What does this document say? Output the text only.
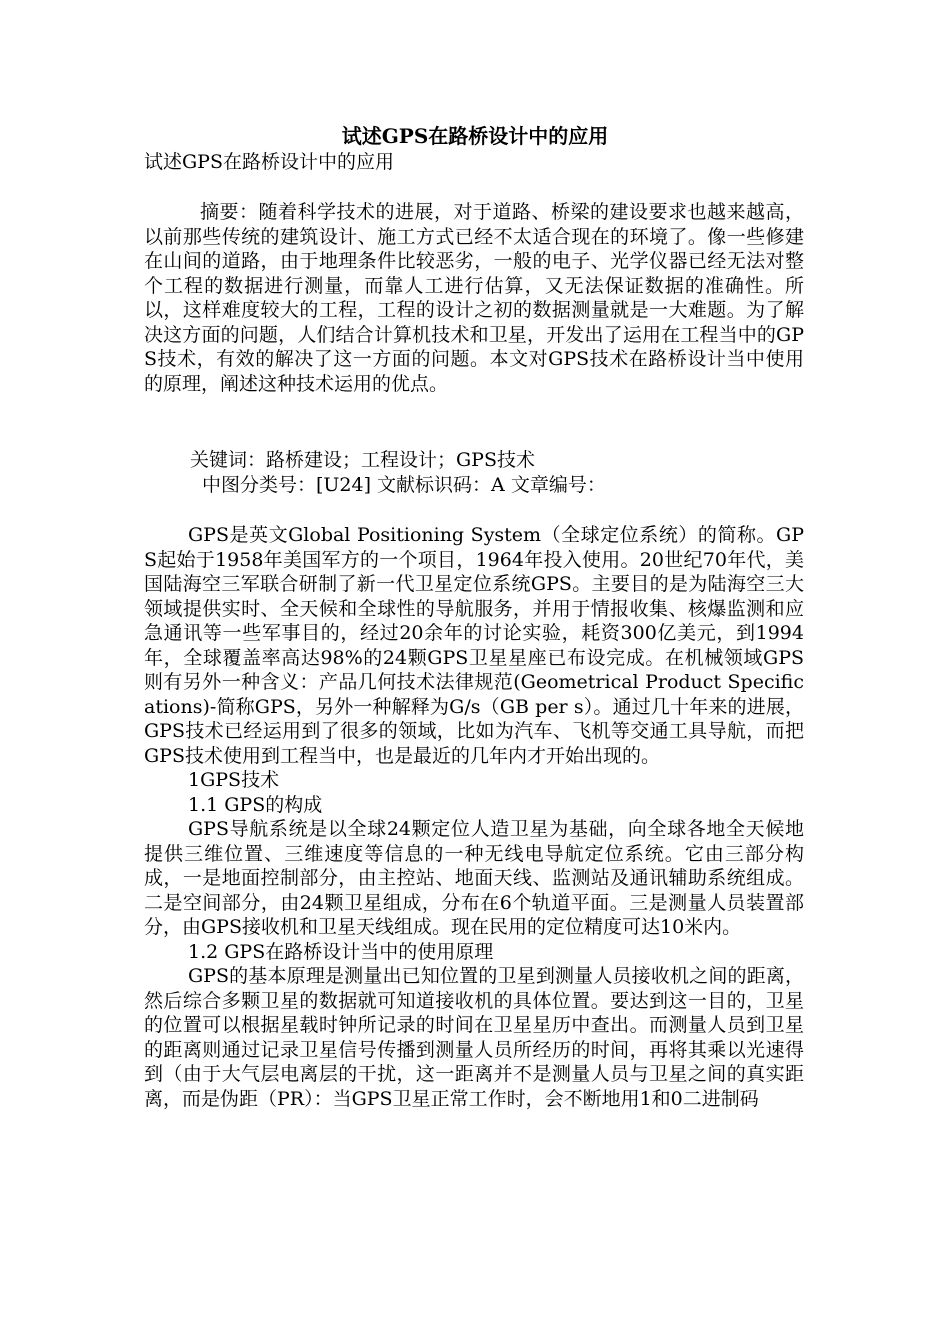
试述GPS在路桥设计中的应用
试述GPS在路桥设计中的应用

摘要：随着科学技术的进展，对于道路、桥梁的建设要求也越来越高，以前那些传统的建筑设计、施工方式已经不太适合现在的环境了。像一些修建在山间的道路，由于地理条件比较恶劣，一般的电子、光学仪器已经无法对整个工程的数据进行测量，而靠人工进行估算，又无法保证数据的准确性。所以，这样难度较大的工程，工程的设计之初的数据测量就是一大难题。为了解决这方面的问题，人们结合计算机技术和卫星，开发出了运用在工程当中的GPS技术，有效的解决了这一方面的问题。本文对GPS技术在路桥设计当中使用的原理，阐述这种技术运用的优点。

关键词：路桥建设；工程设计；GPS技术
中图分类号：[U24] 文献标识码：A 文章编号：

GPS是英文Global Positioning System（全球定位系统）的简称。GPS起始于1958年美国军方的一个项目，1964年投入使用。20世纪70年代，美国陆海空三军联合研制了新一代卫星定位系统GPS。主要目的是为陆海空三大领域提供实时、全天候和全球性的导航服务，并用于情报收集、核爆监测和应急通讯等一些军事目的，经过20余年的讨论实验，耗资300亿美元，到1994年，全球覆盖率高达98%的24颗GPS卫星星座已布设完成。在机械领域GPS则有另外一种含义：产品几何技术法律规范(Geometrical Product Specifications)-简称GPS，另外一种解释为G/s（GB per s）。通过几十年来的进展，GPS技术已经运用到了很多的领域，比如为汽车、飞机等交通工具导航，而把GPS技术使用到工程当中，也是最近的几年内才开始出现的。

1GPS技术

1.1 GPS的构成

GPS导航系统是以全球24颗定位人造卫星为基础，向全球各地全天候地提供三维位置、三维速度等信息的一种无线电导航定位系统。它由三部分构成，一是地面控制部分，由主控站、地面天线、监测站及通讯辅助系统组成。二是空间部分，由24颗卫星组成，分布在6个轨道平面。三是测量人员装置部分，由GPS接收机和卫星天线组成。现在民用的定位精度可达10米内。

1.2 GPS在路桥设计当中的使用原理

GPS的基本原理是测量出已知位置的卫星到测量人员接收机之间的距离，然后综合多颗卫星的数据就可知道接收机的具体位置。要达到这一目的，卫星的位置可以根据星载时钟所记录的时间在卫星星历中查出。而测量人员到卫星的距离则通过记录卫星信号传播到测量人员所经历的时间，再将其乘以光速得到（由于大气层电离层的干扰，这一距离并不是测量人员与卫星之间的真实距离，而是伪距（PR）：当GPS卫星正常工作时，会不断地用1和0二进制码
